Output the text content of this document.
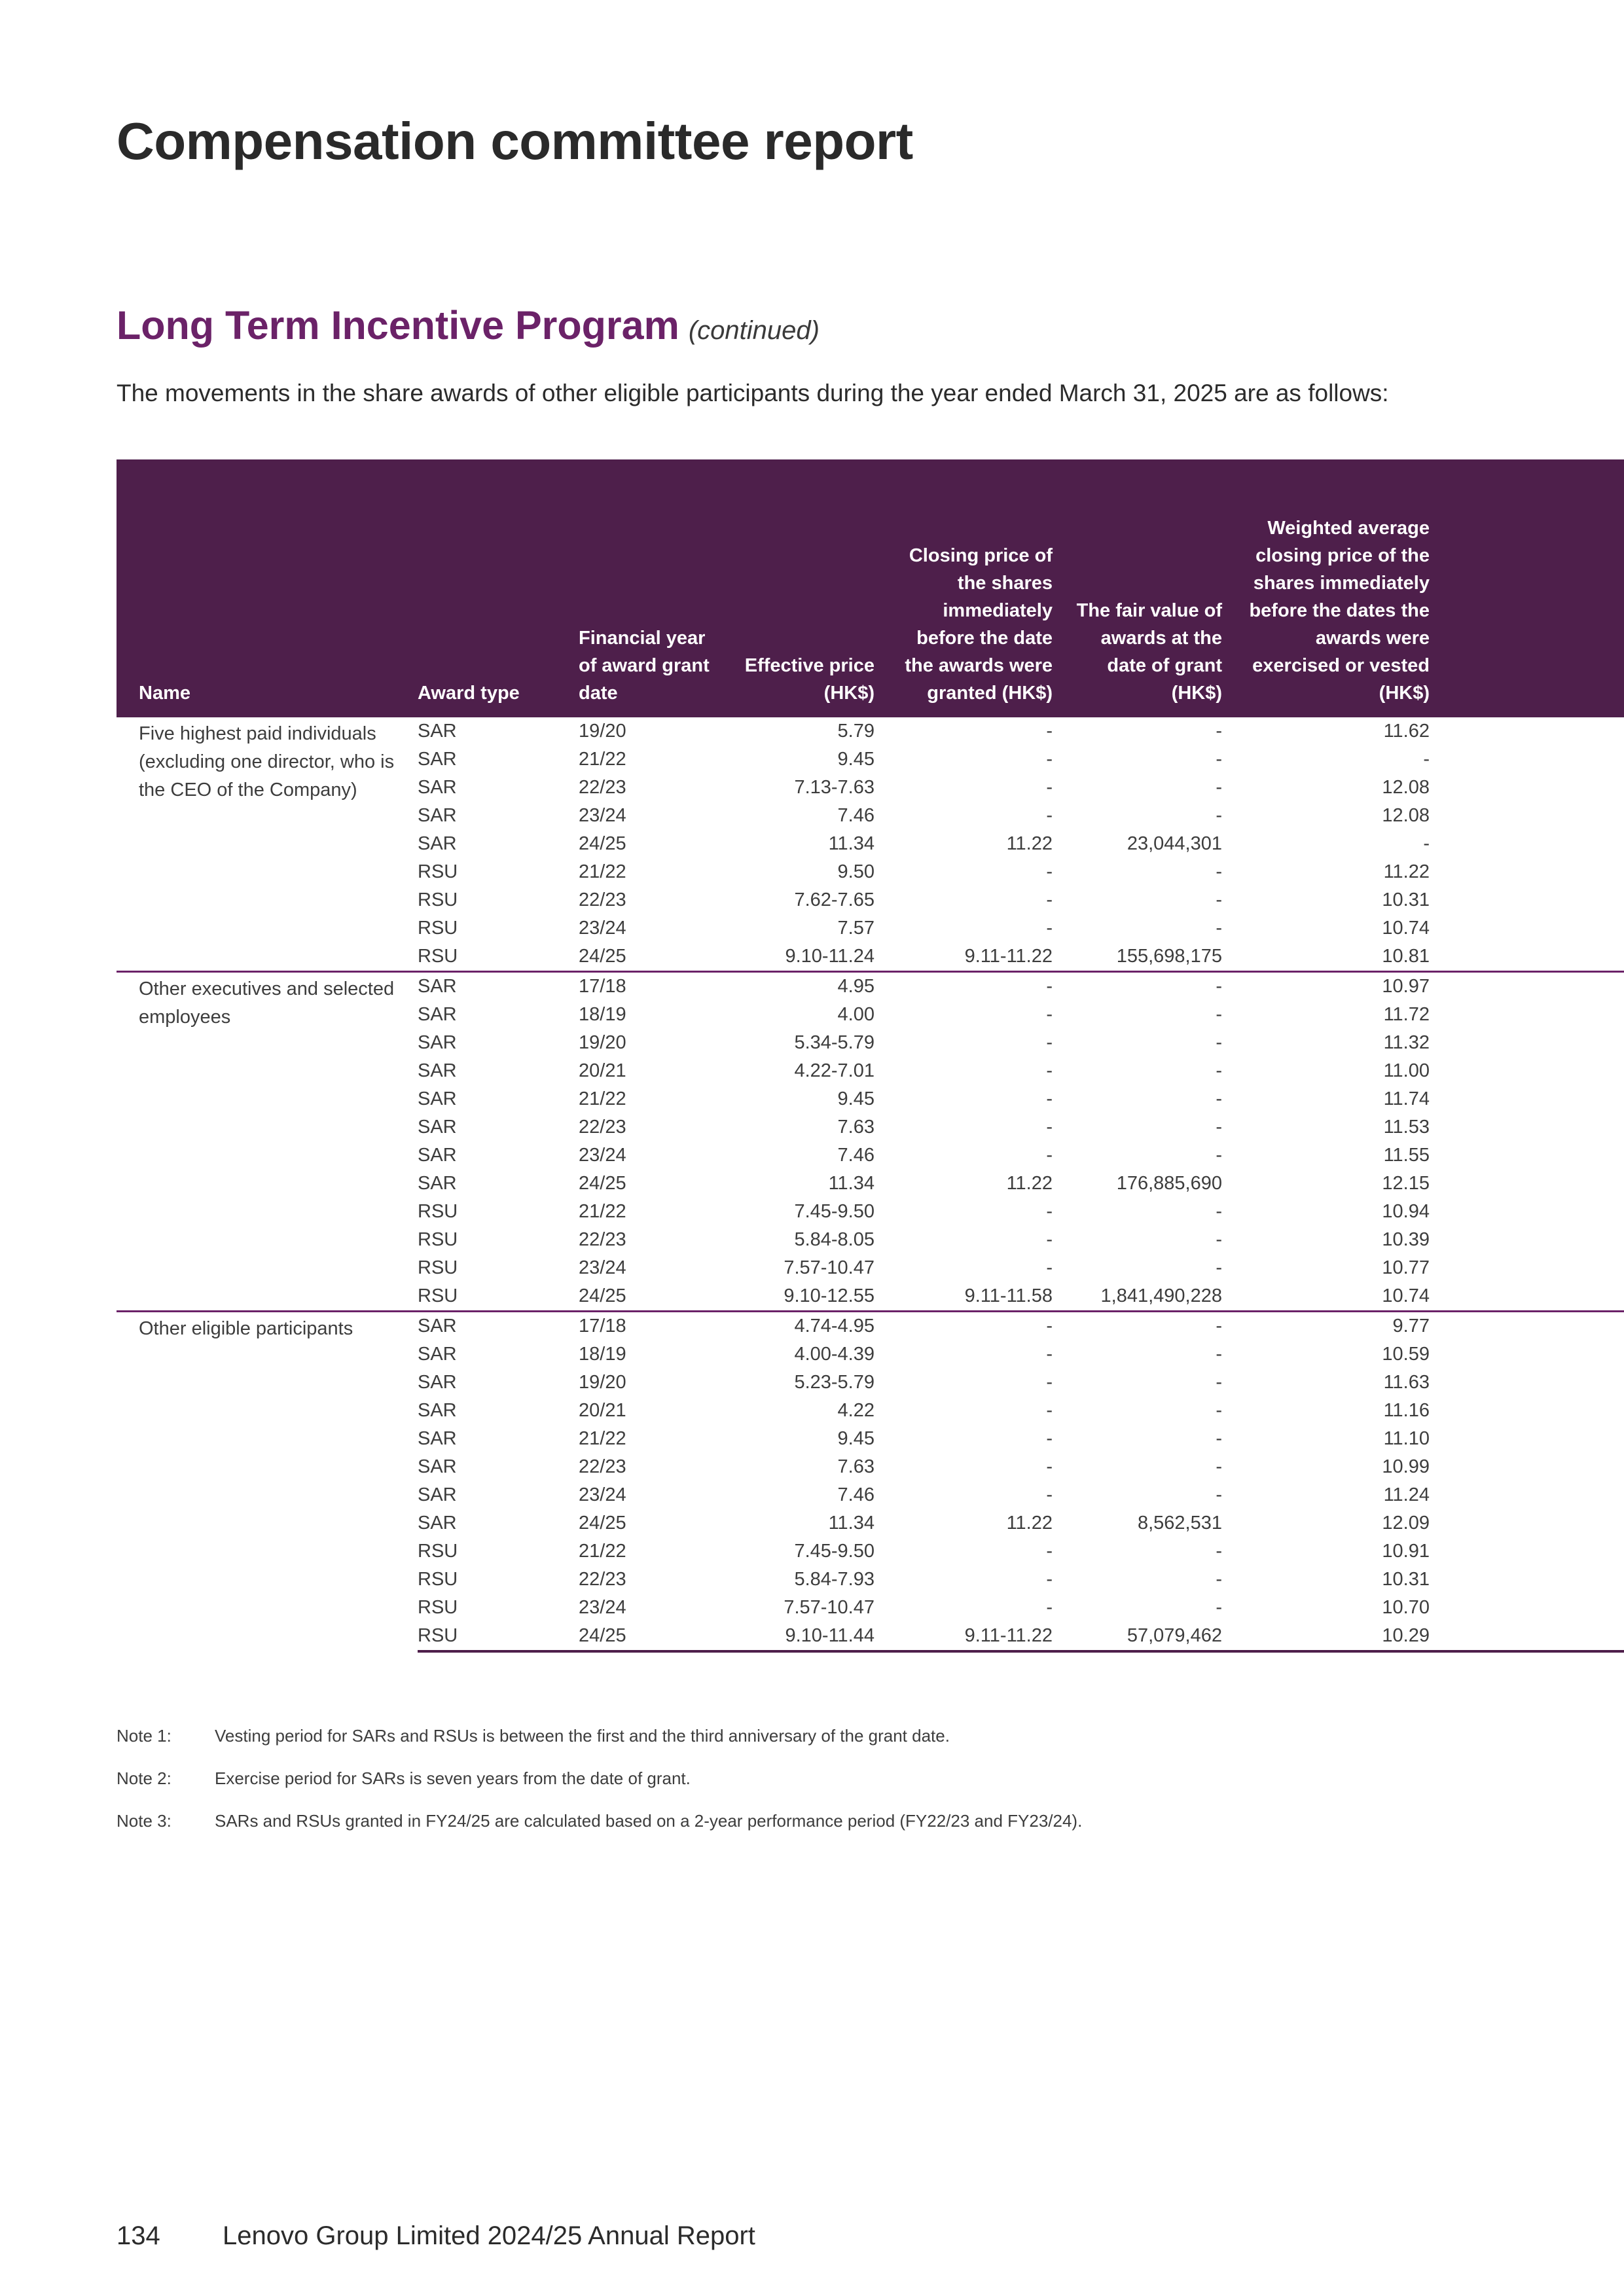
Compensation committee report
Long Term Incentive Program (continued)

The movements in the share awards of other eligible participants during the year ended March 31, 2025 are as follows:

Name	Award type	Financial year of award grant date	Effective price (HK$)	Closing price of the shares immediately before the date the awards were granted (HK$)	The fair value of awards at the date of grant (HK$)	Weighted average closing price of the shares immediately before the dates the awards were exercised or vested (HK$)	
Five highest paid individuals (excluding one director, who is the CEO of the Company)	SAR	19/20	5.79	-	-	11.62	
	SAR	21/22	9.45	-	-	-	
	SAR	22/23	7.13-7.63	-	-	12.08	
	SAR	23/24	7.46	-	-	12.08	
	SAR	24/25	11.34	11.22	23,044,301	-	
	RSU	21/22	9.50	-	-	11.22	
	RSU	22/23	7.62-7.65	-	-	10.31	
	RSU	23/24	7.57	-	-	10.74	
	RSU	24/25	9.10-11.24	9.11-11.22	155,698,175	10.81	
Other executives and selected employees	SAR	17/18	4.95	-	-	10.97	
	SAR	18/19	4.00	-	-	11.72	
	SAR	19/20	5.34-5.79	-	-	11.32	
	SAR	20/21	4.22-7.01	-	-	11.00	
	SAR	21/22	9.45	-	-	11.74	
	SAR	22/23	7.63	-	-	11.53	
	SAR	23/24	7.46	-	-	11.55	
	SAR	24/25	11.34	11.22	176,885,690	12.15	
	RSU	21/22	7.45-9.50	-	-	10.94	
	RSU	22/23	5.84-8.05	-	-	10.39	
	RSU	23/24	7.57-10.47	-	-	10.77	
	RSU	24/25	9.10-12.55	9.11-11.58	1,841,490,228	10.74	
Other eligible participants	SAR	17/18	4.74-4.95	-	-	9.77	
	SAR	18/19	4.00-4.39	-	-	10.59	
	SAR	19/20	5.23-5.79	-	-	11.63	
	SAR	20/21	4.22	-	-	11.16	
	SAR	21/22	9.45	-	-	11.10	
	SAR	22/23	7.63	-	-	10.99	
	SAR	23/24	7.46	-	-	11.24	
	SAR	24/25	11.34	11.22	8,562,531	12.09	
	RSU	21/22	7.45-9.50	-	-	10.91	
	RSU	22/23	5.84-7.93	-	-	10.31	
	RSU	23/24	7.57-10.47	-	-	10.70	
	RSU	24/25	9.10-11.44	9.11-11.22	57,079,462	10.29	
Note 1:	Vesting period for SARs and RSUs is between the first and the third anniversary of the grant date.
Note 2:	Exercise period for SARs is seven years from the date of grant.
Note 3:	SARs and RSUs granted in FY24/25 are calculated based on a 2-year performance period (FY22/23 and FY23/24).
134 Lenovo Group Limited 2024/25 Annual Report
